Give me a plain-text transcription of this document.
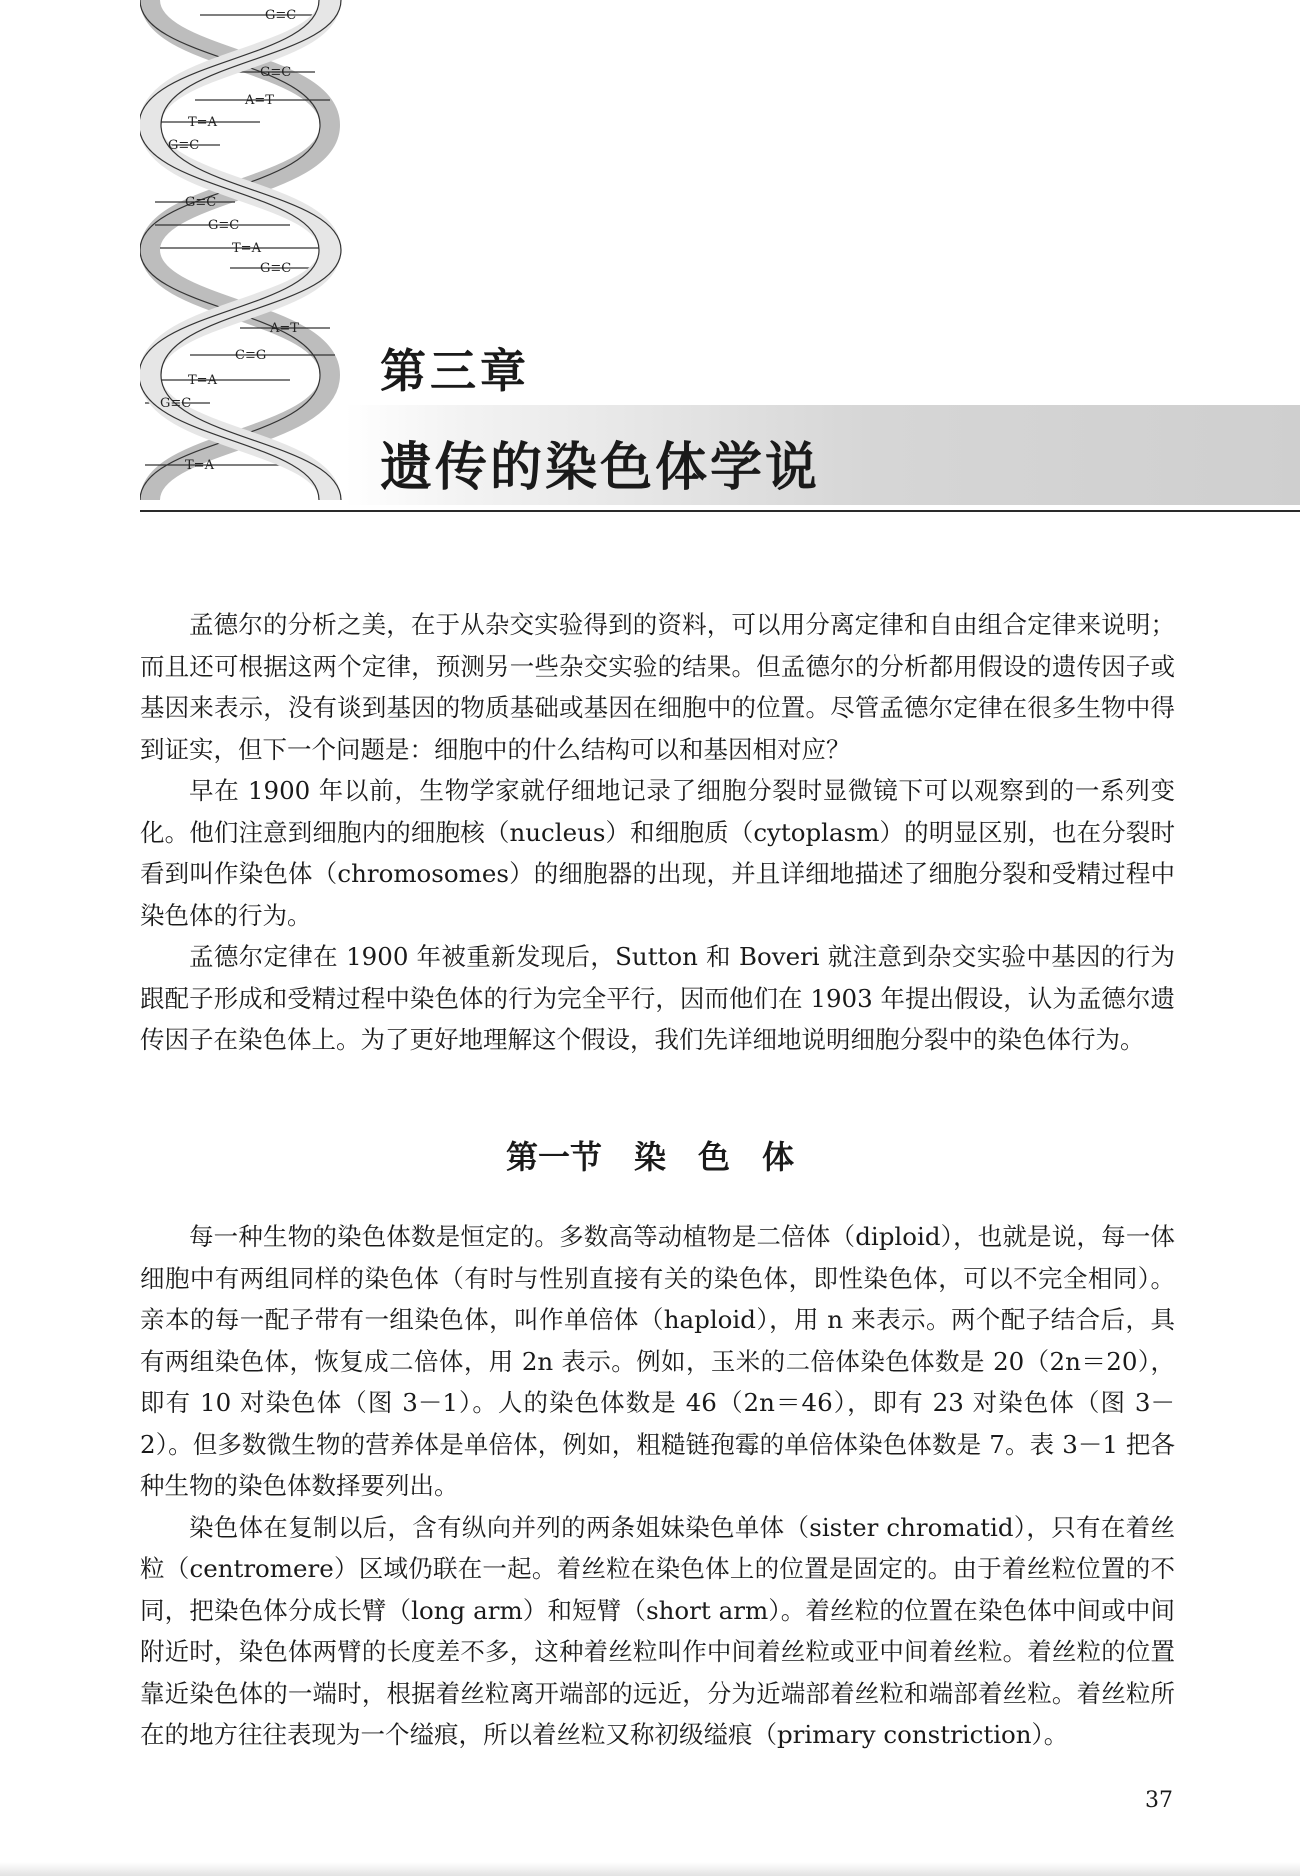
G≡C
G≡C
A=T
T=A
G≡C
G≡C
G≡C
T=A
G≡C
A=T
C≡G
T=A
G≡C
T=A
第三章
遗传的染色体学说

孟德尔的分析之美，在于从杂交实验得到的资料，可以用分离定律和自由组合定律来说明；而且还可根据这两个定律，预测另一些杂交实验的结果。但孟德尔的分析都用假设的遗传因子或基因来表示，没有谈到基因的物质基础或基因在细胞中的位置。尽管孟德尔定律在很多生物中得到证实，但下一个问题是：细胞中的什么结构可以和基因相对应？

早在 1900 年以前，生物学家就仔细地记录了细胞分裂时显微镜下可以观察到的一系列变化。他们注意到细胞内的细胞核（nucleus）和细胞质（cytoplasm）的明显区别，也在分裂时看到叫作染色体（chromosomes）的细胞器的出现，并且详细地描述了细胞分裂和受精过程中染色体的行为。

孟德尔定律在 1900 年被重新发现后，Sutton 和 Boveri 就注意到杂交实验中基因的行为跟配子形成和受精过程中染色体的行为完全平行，因而他们在 1903 年提出假设，认为孟德尔遗传因子在染色体上。为了更好地理解这个假设，我们先详细地说明细胞分裂中的染色体行为。

第一节 染　色　体

每一种生物的染色体数是恒定的。多数高等动植物是二倍体（diploid），也就是说，每一体细胞中有两组同样的染色体（有时与性别直接有关的染色体，即性染色体，可以不完全相同）。亲本的每一配子带有一组染色体，叫作单倍体（haploid），用 n 来表示。两个配子结合后，具有两组染色体，恢复成二倍体，用 2n 表示。例如，玉米的二倍体染色体数是 20（2n＝20），即有 10 对染色体（图 3－1）。人的染色体数是 46（2n＝46），即有 23 对染色体（图 3－2）。但多数微生物的营养体是单倍体，例如，粗糙链孢霉的单倍体染色体数是 7。表 3－1 把各种生物的染色体数择要列出。

染色体在复制以后，含有纵向并列的两条姐妹染色单体（sister chromatid），只有在着丝粒（centromere）区域仍联在一起。着丝粒在染色体上的位置是固定的。由于着丝粒位置的不同，把染色体分成长臂（long arm）和短臂（short arm）。着丝粒的位置在染色体中间或中间附近时，染色体两臂的长度差不多，这种着丝粒叫作中间着丝粒或亚中间着丝粒。着丝粒的位置靠近染色体的一端时，根据着丝粒离开端部的远近，分为近端部着丝粒和端部着丝粒。着丝粒所在的地方往往表现为一个缢痕，所以着丝粒又称初级缢痕（primary constriction）。

37
